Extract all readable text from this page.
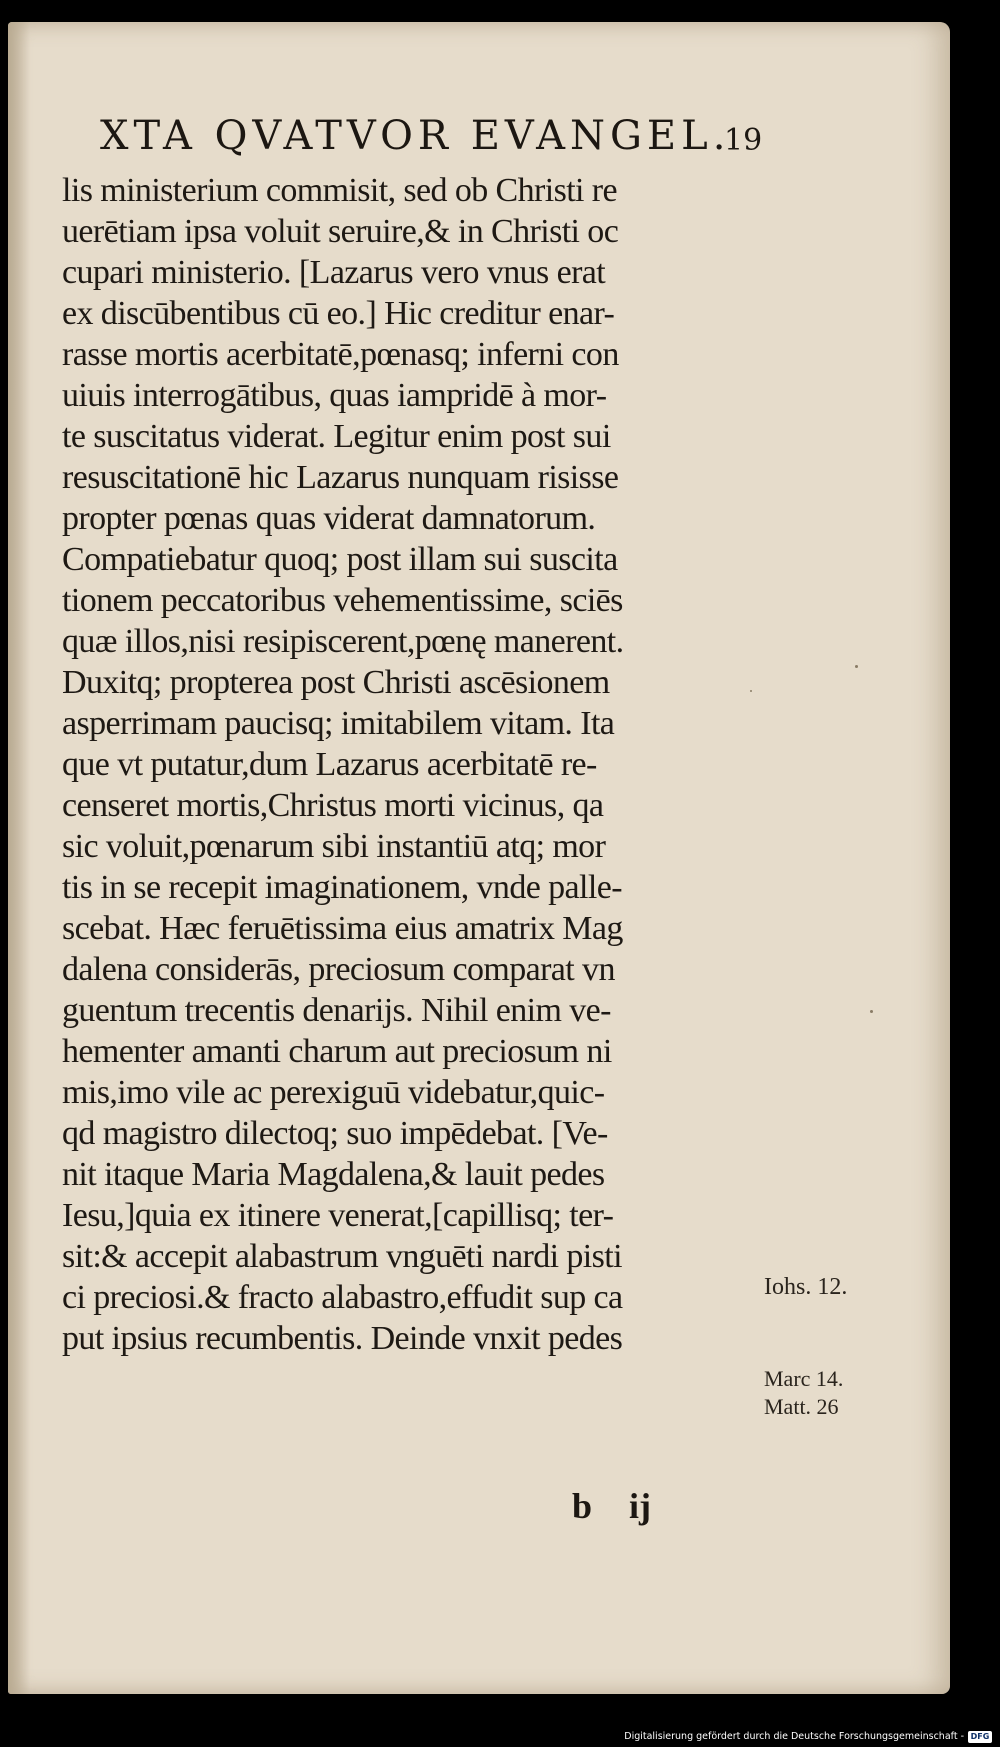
XTA QVATVOR EVANGEL.
19
lis ministerium commisit, sed ob Christi re
uerētiam ipsa voluit seruire,& in Christi oc
cupari ministerio. [Lazarus vero vnus erat
ex discūbentibus cū eo.] Hic creditur enar-
rasse mortis acerbitatē,pœnasq; inferni con
uiuis interrogātibus, quas iampridē à mor-
te suscitatus viderat. Legitur enim post sui
resuscitationē hic Lazarus nunquam risisse
propter pœnas quas viderat damnatorum.
Compatiebatur quoq; post illam sui suscita
tionem peccatoribus vehementissime, sciēs
quæ illos,nisi resipiscerent,pœnę manerent.
Duxitq; propterea post Christi ascēsionem
asperrimam paucisq; imitabilem vitam. Ita
que vt putatur,dum Lazarus acerbitatē re-
censeret mortis,Christus morti vicinus, qa
sic voluit,pœnarum sibi instantiū atq; mor
tis in se recepit imaginationem, vnde palle-
scebat. Hæc feruētissima eius amatrix Mag
dalena considerās, preciosum comparat vn
guentum trecentis denarijs. Nihil enim ve-
hementer amanti charum aut preciosum ni
mis,imo vile ac perexiguū videbatur,quic-
qd magistro dilectoq; suo impēdebat. [Ve-
nit itaque Maria Magdalena,& lauit pedes
Iesu,]quia ex itinere venerat,[capillisq; ter-
sit:& accepit alabastrum vnguēti nardi pisti
ci preciosi.& fracto alabastro,effudit sup ca
put ipsius recumbentis. Deinde vnxit pedes
Iohs. 12.
Marc 14.
Matt. 26
b ij
Digitalisierung gefördert durch die Deutsche Forschungsgemeinschaft - DFG
